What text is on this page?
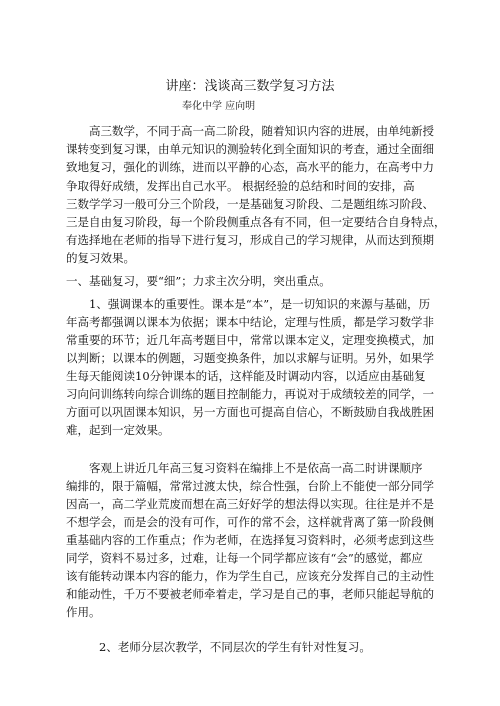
讲座：浅谈高三数学复习方法
奉化中学 应向明
高三数学，不同于高一高二阶段，随着知识内容的进展，由单纯新授
课转变到复习课，由单元知识的测验转化到全面知识的考查，通过全面细
致地复习，强化的训练，进而以平静的心态，高水平的能力，在高考中力
争取得好成绩，发挥出自己水平。 根据经验的总结和时间的安排，高
三数学学习一般可分三个阶段，一是基础复习阶段、二是题组练习阶段、
三是自由复习阶段，每一个阶段侧重点各有不同，但一定要结合自身特点，
有选择地在老师的指导下进行复习，形成自己的学习规律，从而达到预期
的复习效果。
一、基础复习，要“细”；力求主次分明，突出重点。
1、强调课本的重要性。课本是“本”，是一切知识的来源与基础，历
年高考都强调以课本为依据；课本中结论，定理与性质，都是学习数学非
常重要的环节；近几年高考题目中，常常以课本定义，定理变换模式，加
以判断；以课本的例题，习题变换条件，加以求解与证明。另外，如果学
生每天能阅读10分钟课本的话，这样能及时调动内容，以适应由基础复
习向问训练转向综合训练的题目控制能力，再说对于成绩较差的同学，一
方面可以巩固课本知识，另一方面也可提高自信心，不断鼓励自我战胜困
难，起到一定效果。
客观上讲近几年高三复习资料在编排上不是依高一高二时讲课顺序
编排的，限于篇幅，常常过渡太快，综合性强，台阶上不能使一部分同学
因高一，高二学业荒废而想在高三好好学的想法得以实现。往往是并不是
不想学会，而是会的没有可作，可作的常不会，这样就背离了第一阶段侧
重基础内容的工作重点；作为老师，在选择复习资料时，必须考虑到这些
同学，资料不易过多，过难，让每一个同学都应该有“会”的感觉，都应
该有能转动课本内容的能力，作为学生自己，应该充分发挥自己的主动性
和能动性，千万不要被老师牵着走，学习是自己的事，老师只能起导航的
作用。
2、老师分层次教学，不同层次的学生有针对性复习。
